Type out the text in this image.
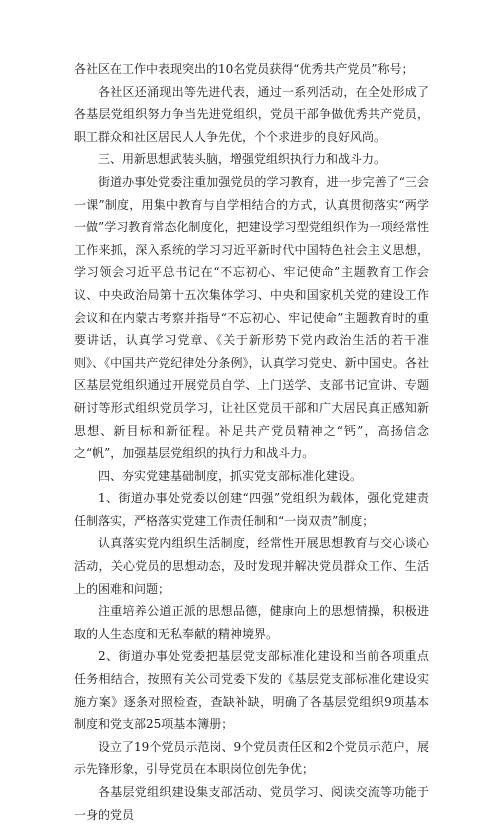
各社区在工作中表现突出的10名党员获得“优秀共产党员”称号；

各社区还涌现出等先进代表，通过一系列活动，在全处形成了各基层党组织努力争当先进党组织，党员干部争做优秀共产党员，职工群众和社区居民人人争先优，个个求进步的良好风尚。

三、用新思想武装头脑，增强党组织执行力和战斗力。

街道办事处党委注重加强党员的学习教育，进一步完善了“三会一课”制度，用集中教育与自学相结合的方式，认真贯彻落实“两学一做”学习教育常态化制度化，把建设学习型党组织作为一项经常性工作来抓，深入系统的学习习近平新时代中国特色社会主义思想，学习领会习近平总书记在“不忘初心、牢记使命”主题教育工作会议、中央政治局第十五次集体学习、中央和国家机关党的建设工作会议和在内蒙古考察并指导“不忘初心、牢记使命”主题教育时的重要讲话，认真学习党章、《关于新形势下党内政治生活的若干准则》、《中国共产党纪律处分条例》，认真学习党史、新中国史。各社区基层党组织通过开展党员自学、上门送学、支部书记宣讲、专题研讨等形式组织党员学习，让社区党员干部和广大居民真正感知新思想、新目标和新征程。补足共产党员精神之“钙”，高扬信念之“帆”，加强基层党组织的执行力和战斗力。

四、夯实党建基础制度，抓实党支部标准化建设。

1、街道办事处党委以创建“四强”党组织为载体，强化党建责任制落实，严格落实党建工作责任制和“一岗双责”制度；

认真落实党内组织生活制度，经常性开展思想教育与交心谈心活动，关心党员的思想动态，及时发现并解决党员群众工作、生活上的困难和问题；

注重培养公道正派的思想品德，健康向上的思想情操，积极进取的人生态度和无私奉献的精神境界。

2、街道办事处党委把基层党支部标准化建设和当前各项重点任务相结合，按照有关公司党委下发的《基层党支部标准化建设实施方案》逐条对照检查，查缺补缺，明确了各基层党组织9项基本制度和党支部25项基本簿册；

设立了19个党员示范岗、9个党员责任区和2个党员示范户，展示先锋形象，引导党员在本职岗位创先争优；

各基层党组织建设集支部活动、党员学习、阅读交流等功能于一身的党员
